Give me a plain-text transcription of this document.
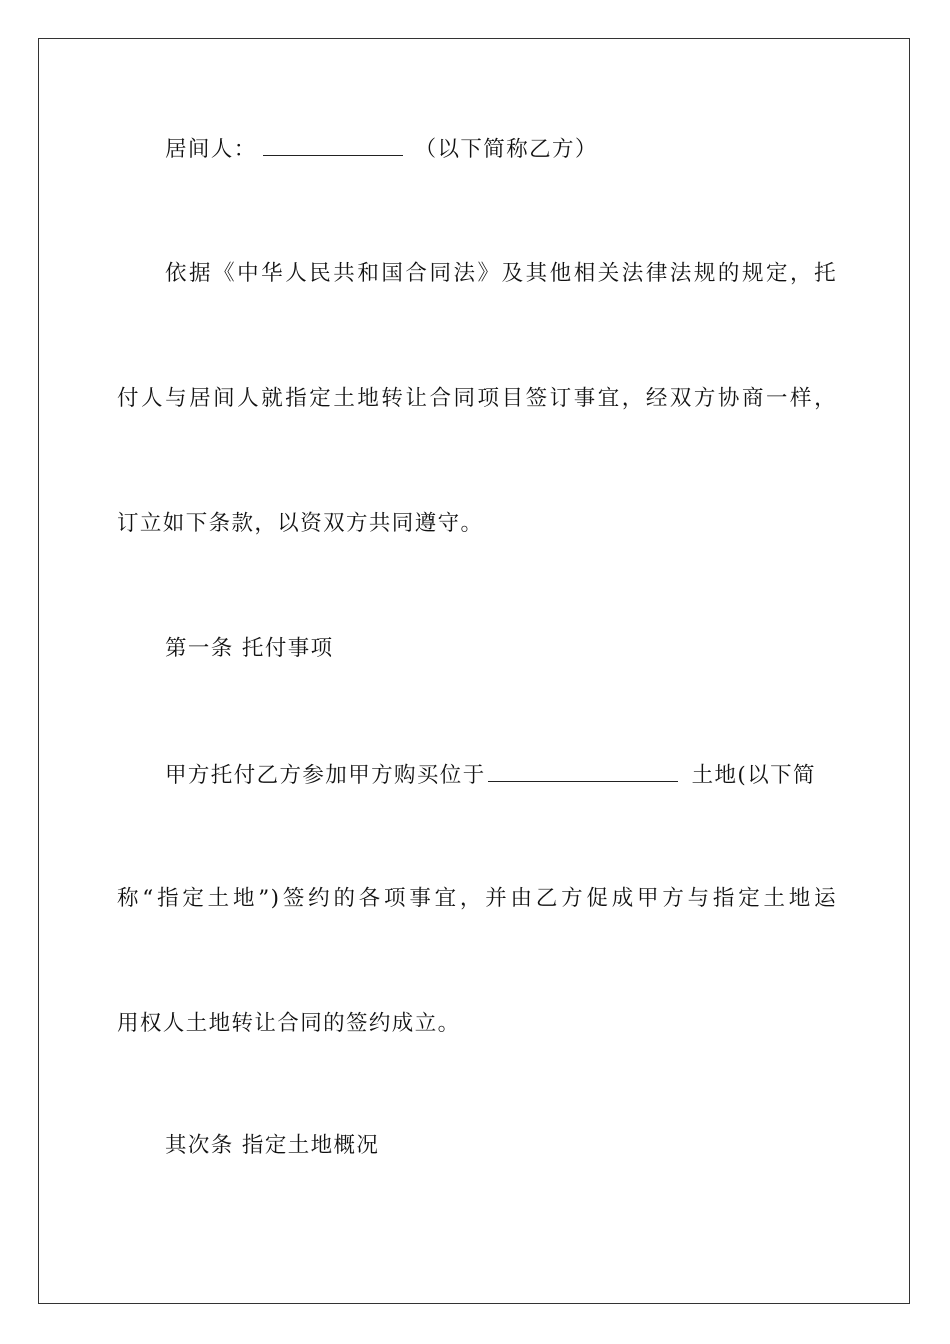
居间人：	（以下简称乙方）
依据《中华人民共和国合同法》及其他相关法律法规的规定，托
付人与居间人就指定土地转让合同项目签订事宜，经双方协商一样，
订立如下条款，以资双方共同遵守。
第一条 托付事项
甲方托付乙方参加甲方购买位于	土地(以下简
称“指定土地”)签约的各项事宜，并由乙方促成甲方与指定土地运
用权人土地转让合同的签约成立。
其次条 指定土地概况
